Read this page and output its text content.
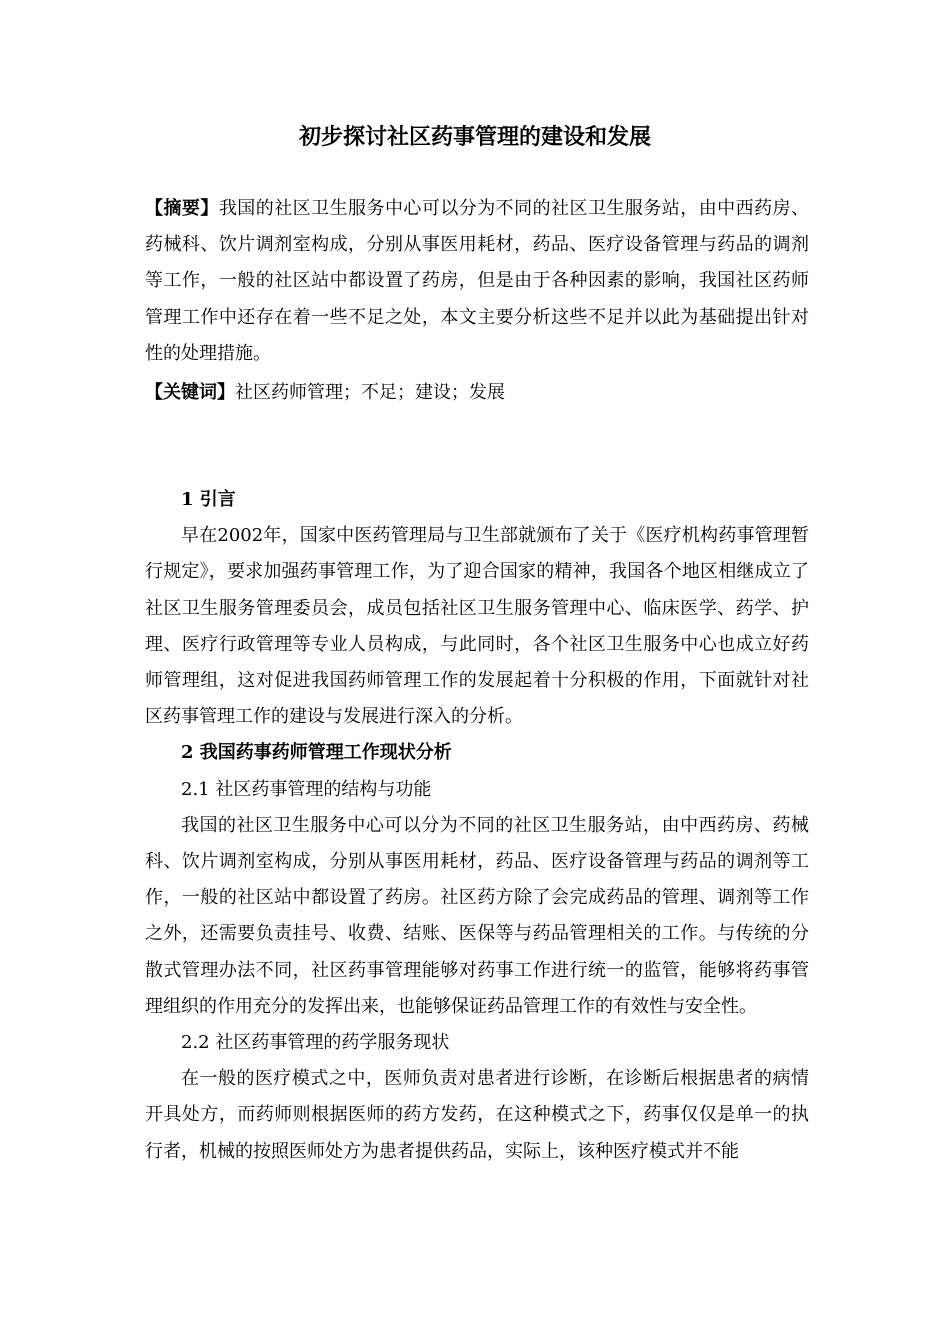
初步探讨社区药事管理的建设和发展

【摘要】我国的社区卫生服务中心可以分为不同的社区卫生服务站，由中西药房、药械科、饮片调剂室构成，分别从事医用耗材，药品、医疗设备管理与药品的调剂等工作，一般的社区站中都设置了药房，但是由于各种因素的影响，我国社区药师管理工作中还存在着一些不足之处，本文主要分析这些不足并以此为基础提出针对性的处理措施。

【关键词】社区药师管理；不足；建设；发展

1 引言

早在2002年，国家中医药管理局与卫生部就颁布了关于《医疗机构药事管理暂行规定》，要求加强药事管理工作，为了迎合国家的精神，我国各个地区相继成立了社区卫生服务管理委员会，成员包括社区卫生服务管理中心、临床医学、药学、护理、医疗行政管理等专业人员构成，与此同时，各个社区卫生服务中心也成立好药师管理组，这对促进我国药师管理工作的发展起着十分积极的作用，下面就针对社区药事管理工作的建设与发展进行深入的分析。

2 我国药事药师管理工作现状分析

2.1 社区药事管理的结构与功能

我国的社区卫生服务中心可以分为不同的社区卫生服务站，由中西药房、药械科、饮片调剂室构成，分别从事医用耗材，药品、医疗设备管理与药品的调剂等工作，一般的社区站中都设置了药房。社区药方除了会完成药品的管理、调剂等工作之外，还需要负责挂号、收费、结账、医保等与药品管理相关的工作。与传统的分散式管理办法不同，社区药事管理能够对药事工作进行统一的监管，能够将药事管理组织的作用充分的发挥出来，也能够保证药品管理工作的有效性与安全性。

2.2 社区药事管理的药学服务现状

在一般的医疗模式之中，医师负责对患者进行诊断，在诊断后根据患者的病情开具处方，而药师则根据医师的药方发药，在这种模式之下，药事仅仅是单一的执行者，机械的按照医师处方为患者提供药品，实际上，该种医疗模式并不能
